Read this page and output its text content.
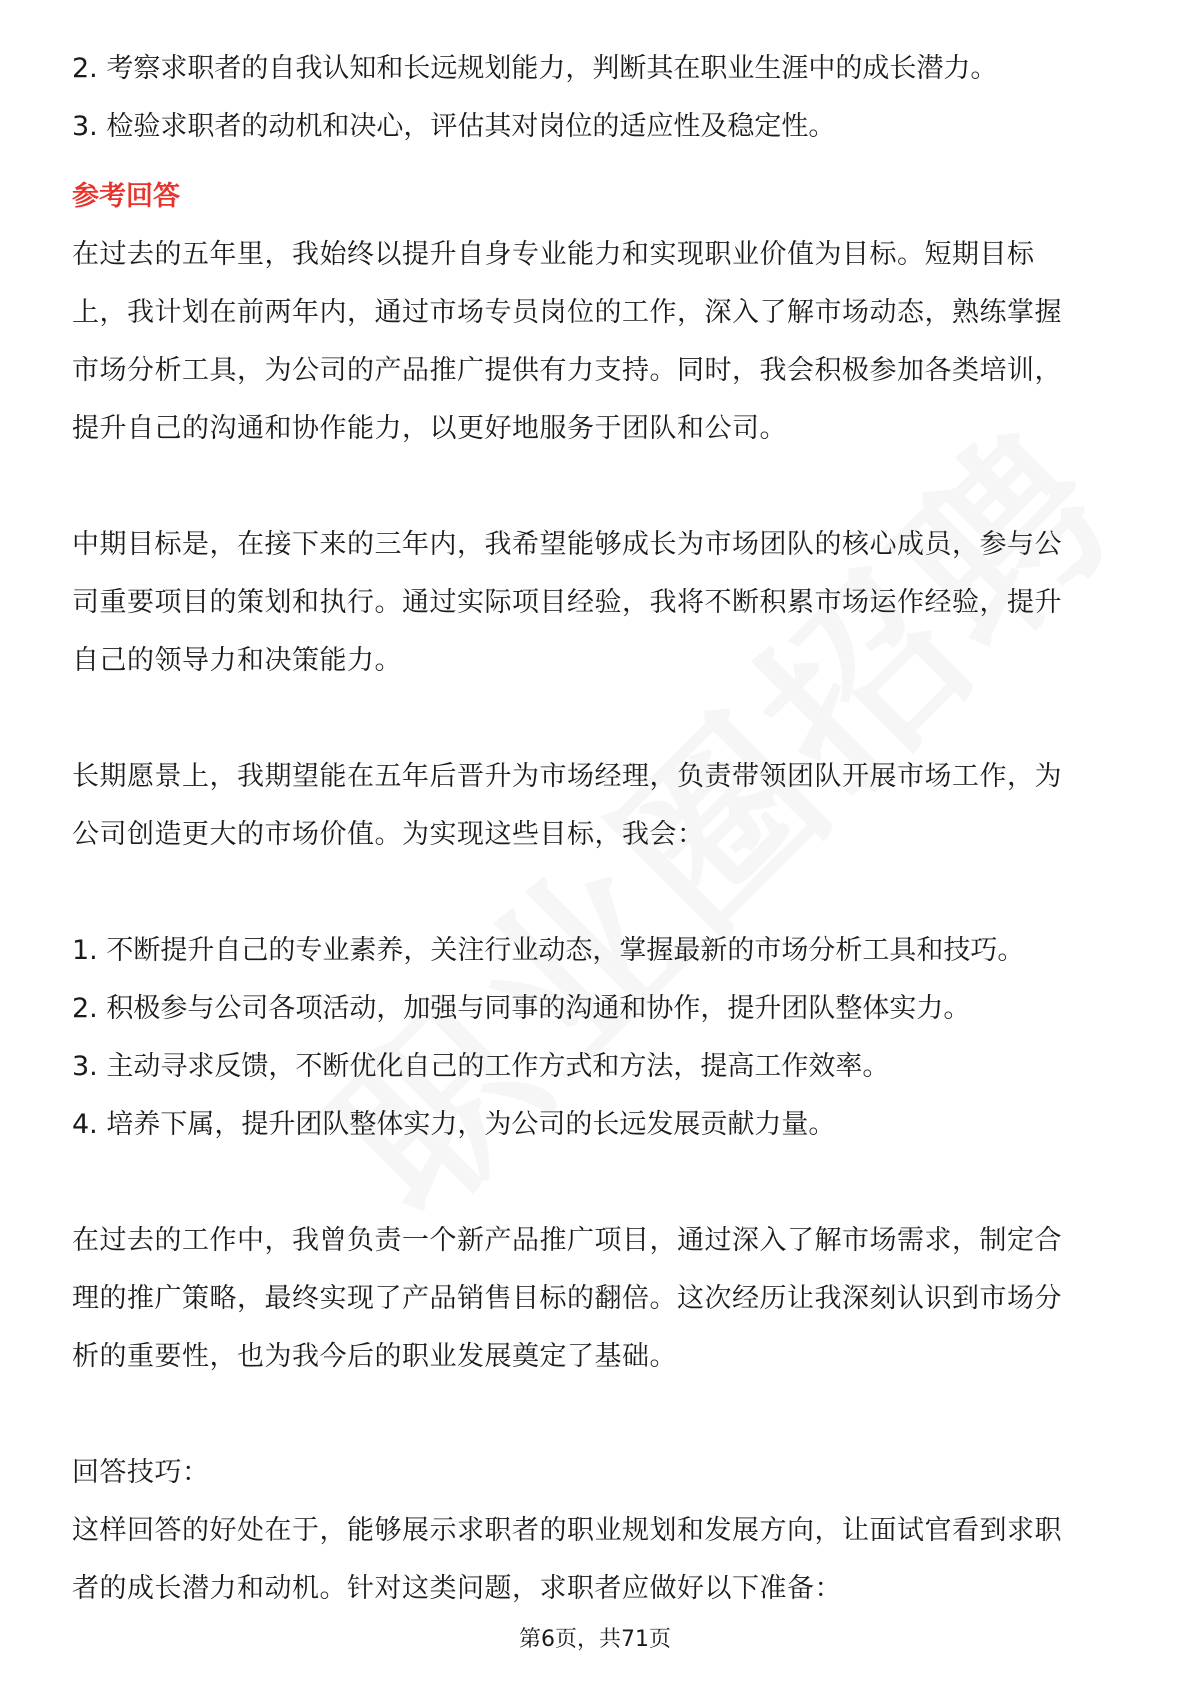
2. 考察求职者的自我认知和长远规划能力，判断其在职业生涯中的成长潜力。
3. 检验求职者的动机和决心，评估其对岗位的适应性及稳定性。
参考回答
在过去的五年里，我始终以提升自身专业能力和实现职业价值为目标。短期目标
上，我计划在前两年内，通过市场专员岗位的工作，深入了解市场动态，熟练掌握
市场分析工具，为公司的产品推广提供有力支持。同时，我会积极参加各类培训，
提升自己的沟通和协作能力，以更好地服务于团队和公司。
中期目标是，在接下来的三年内，我希望能够成长为市场团队的核心成员，参与公
司重要项目的策划和执行。通过实际项目经验，我将不断积累市场运作经验，提升
自己的领导力和决策能力。
长期愿景上，我期望能在五年后晋升为市场经理，负责带领团队开展市场工作，为
公司创造更大的市场价值。为实现这些目标，我会：
1. 不断提升自己的专业素养，关注行业动态，掌握最新的市场分析工具和技巧。
2. 积极参与公司各项活动，加强与同事的沟通和协作，提升团队整体实力。
3. 主动寻求反馈，不断优化自己的工作方式和方法，提高工作效率。
4. 培养下属，提升团队整体实力，为公司的长远发展贡献力量。
在过去的工作中，我曾负责一个新产品推广项目，通过深入了解市场需求，制定合
理的推广策略，最终实现了产品销售目标的翻倍。这次经历让我深刻认识到市场分
析的重要性，也为我今后的职业发展奠定了基础。
回答技巧：
这样回答的好处在于，能够展示求职者的职业规划和发展方向，让面试官看到求职
者的成长潜力和动机。针对这类问题，求职者应做好以下准备：
第6页，共71页
